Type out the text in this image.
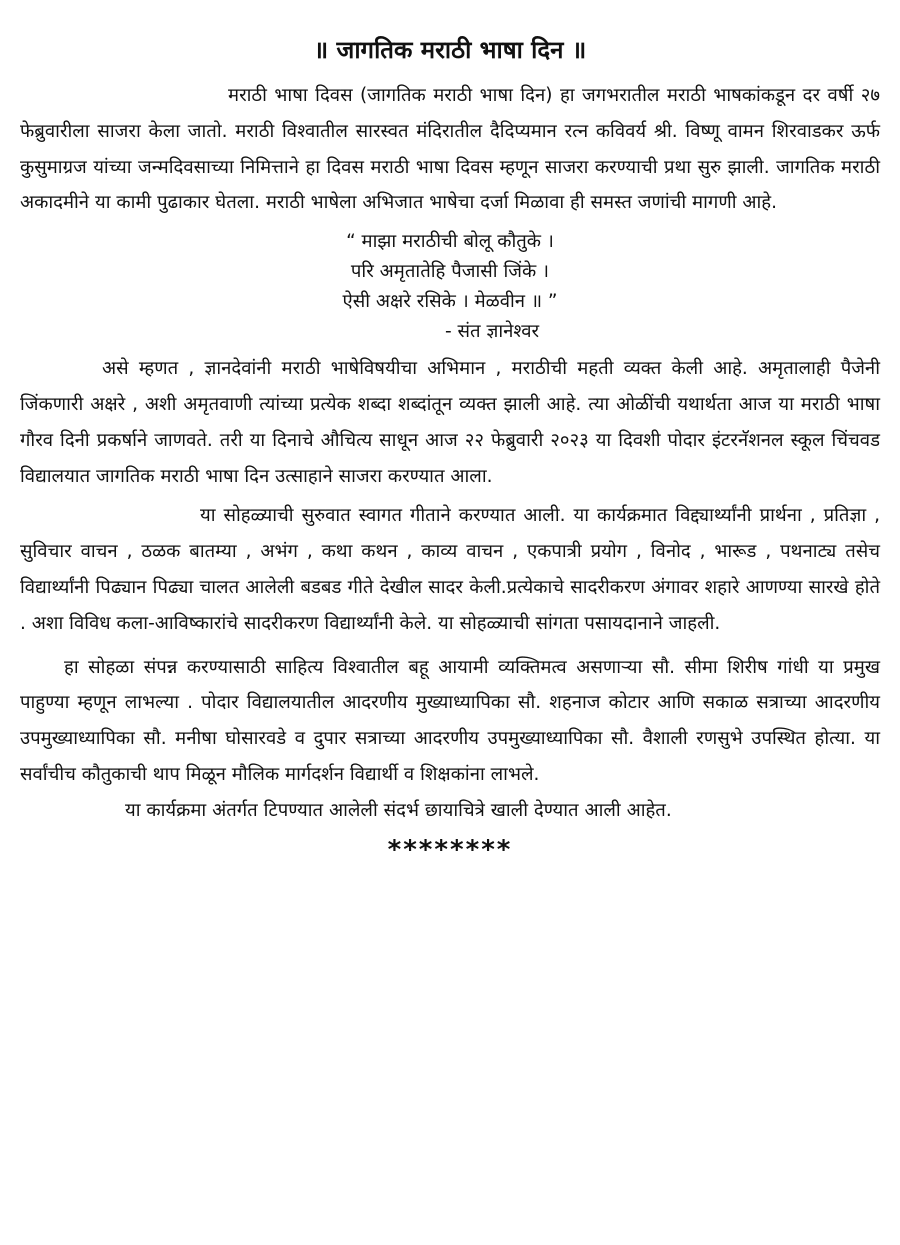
॥ जागतिक मराठी भाषा दिन ॥

मराठी भाषा दिवस (जागतिक मराठी भाषा दिन) हा जगभरातील मराठी भाषकांकडून दर वर्षी २७ फेब्रुवारीला साजरा केला जातो. मराठी विश्वातील सारस्वत मंदिरातील दैदिप्यमान रत्न कविवर्य श्री. विष्णू वामन शिरवाडकर ऊर्फ कुसुमाग्रज यांच्या जन्मदिवसाच्या निमित्ताने हा दिवस मराठी भाषा दिवस म्हणून साजरा करण्याची प्रथा सुरु झाली. जागतिक मराठी अकादमीने या कामी पुढाकार घेतला. मराठी भाषेला अभिजात भाषेचा दर्जा मिळावा ही समस्त जणांची मागणी आहे.

“ माझा मराठीची बोलू कौतुके ।
परि अमृतातेहि पैजासी जिंके ।
ऐसी अक्षरे रसिके । मेळवीन ॥ ”
- संत ज्ञानेश्वर

असे म्हणत , ज्ञानदेवांनी मराठी भाषेविषयीचा अभिमान , मराठीची महती व्यक्त केली आहे. अमृतालाही पैजेनी जिंकणारी अक्षरे , अशी अमृतवाणी त्यांच्या प्रत्येक शब्दा शब्दांतून व्यक्त झाली आहे. त्या ओळींची यथार्थता आज या मराठी भाषा गौरव दिनी प्रकर्षाने जाणवते. तरी या दिनाचे औचित्य साधून आज २२ फेब्रुवारी २०२३ या दिवशी पोदार इंटरनॅशनल स्कूल चिंचवड विद्यालयात जागतिक मराठी भाषा दिन उत्साहाने साजरा करण्यात आला.

या सोहळ्याची सुरुवात स्वागत गीताने करण्यात आली. या कार्यक्रमात विद्द्यार्थ्यांनी प्रार्थना , प्रतिज्ञा , सुविचार वाचन , ठळक बातम्या , अभंग , कथा कथन , काव्य वाचन , एकपात्री प्रयोग , विनोद , भारूड , पथनाट्य तसेच विद्यार्थ्यांनी पिढ्यान पिढ्या चालत आलेली बडबड गीते देखील सादर केली.प्रत्येकाचे सादरीकरण अंगावर शहारे आणण्या सारखे होते . अशा विविध कला-आविष्कारांचे सादरीकरण विद्यार्थ्यांनी केले. या सोहळ्याची सांगता पसायदानाने जाहली.

हा सोहळा संपन्न करण्यासाठी साहित्य विश्वातील बहू आयामी व्यक्तिमत्व असणाऱ्या सौ. सीमा शिरीष गांधी या प्रमुख पाहुण्या म्हणून लाभल्या . पोदार विद्यालयातील आदरणीय मुख्याध्यापिका सौ. शहनाज कोटार आणि सकाळ सत्राच्या आदरणीय उपमुख्याध्यापिका सौ. मनीषा घोसारवडे व दुपार सत्राच्या आदरणीय उपमुख्याध्यापिका सौ. वैशाली रणसुभे उपस्थित होत्या. या सर्वांचीच कौतुकाची थाप मिळून मौलिक मार्गदर्शन विद्यार्थी व शिक्षकांना लाभले.

या कार्यक्रमा अंतर्गत टिपण्यात आलेली संदर्भ छायाचित्रे खाली देण्यात आली आहेत.

********
